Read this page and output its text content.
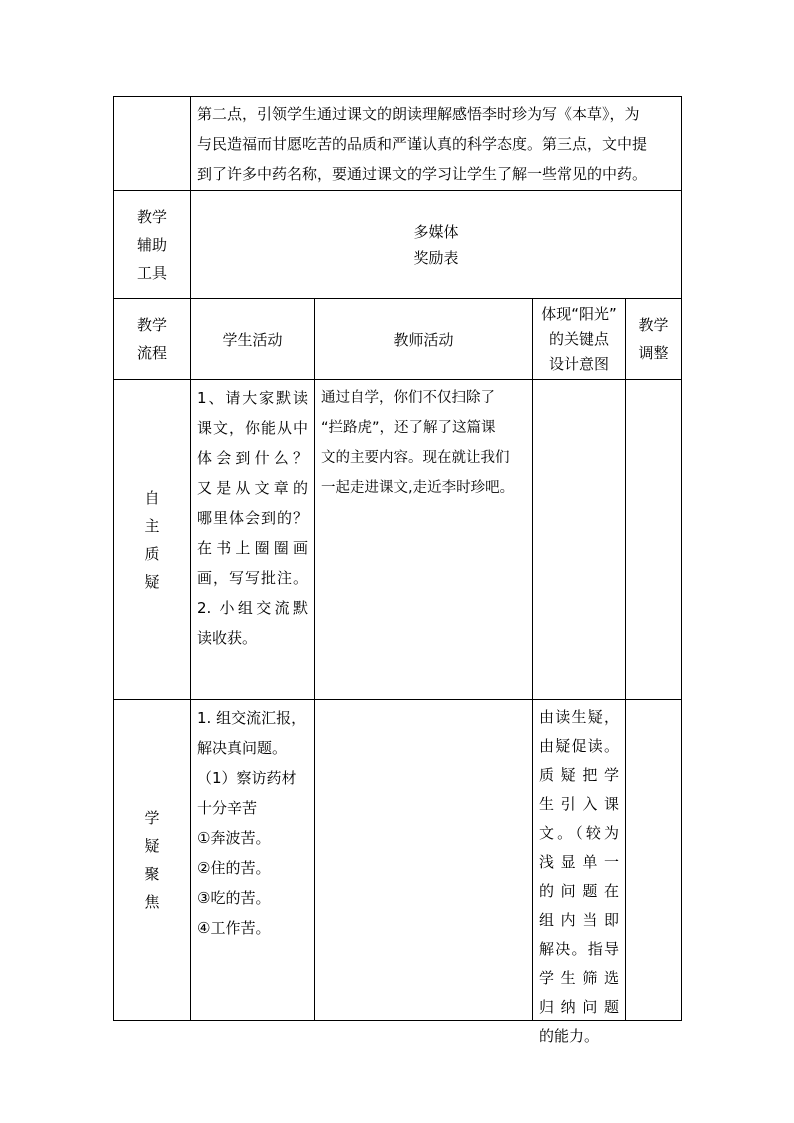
第二点，引领学生通过课文的朗读理解感悟李时珍为写《本草》，为
与民造福而甘愿吃苦的品质和严谨认真的科学态度。第三点，文中提
到了许多中药名称，要通过课文的学习让学生了解一些常见的中药。
教学
辅助
工具
多媒体
奖励表
教学
流程
学生活动	教师活动
体现“阳光”
的关键点
设计意图
教学
调整
自
主
质
疑
1、请大家默读
课文，你能从中
体会到什么？
又是从文章的
哪里体会到的？
在书上圈圈画
画，写写批注。
2. 小组交流默
读收获。
通过自学，你们不仅扫除了
“拦路虎”，还了解了这篇课
文的主要内容。现在就让我们
一起走进课文,走近李时珍吧。
学
疑
聚
焦
1. 组交流汇报，
解决真问题。
（1）察访药材
十分辛苦
①奔波苦。
②住的苦。
③吃的苦。
④工作苦。
由读生疑，
由疑促读。
质疑把学
生引入课
文。（较为
浅显单一
的问题在
组内当即
解决。指导
学生筛选
归纳问题
的能力。
